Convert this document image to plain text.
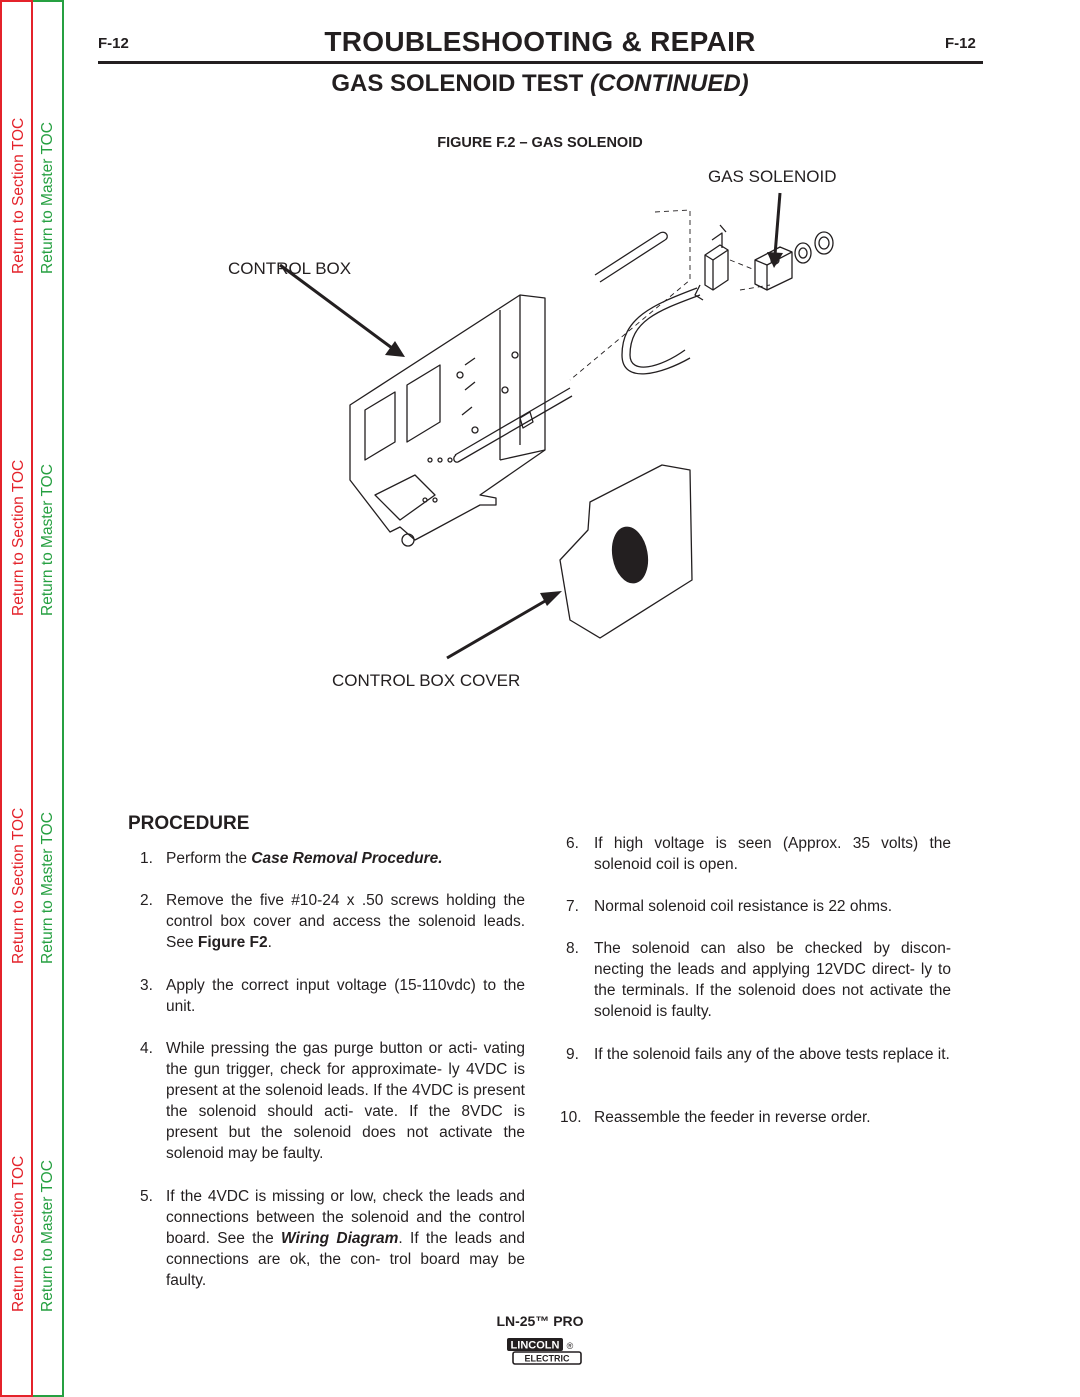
Return to Section TOC
Return to Section TOC
Return to Section TOC
Return to Section TOC
Return to Master TOC
Return to Master TOC
Return to Master TOC
Return to Master TOC
F-12	F-12
TROUBLESHOOTING & REPAIR
GAS SOLENOID TEST (CONTINUED)
FIGURE F.2 – GAS SOLENOID
GAS SOLENOID
CONTROL BOX
CONTROL BOX COVER
PROCEDURE
1. Perform the Case Removal Procedure.
2. Remove the five #10-24 x .50 screws holding the control box cover and access the solenoid leads. See Figure F2.
3. Apply the correct input voltage (15-110vdc) to the unit.
4. While pressing the gas purge button or acti- vating the gun trigger, check for approximate- ly 4VDC is present at the solenoid leads. If the 4VDC is present the solenoid should acti- vate. If the 8VDC is present but the solenoid does not activate the solenoid may be faulty.
5. If the 4VDC is missing or low, check the leads and connections between the solenoid and the control board. See the Wiring Diagram. If the leads and connections are ok, the con- trol board may be faulty.
6. If high voltage is seen (Approx. 35 volts) the solenoid coil is open.
7. Normal solenoid coil resistance is 22 ohms.
8. The solenoid can also be checked by discon- necting the leads and applying 12VDC direct- ly to the terminals. If the solenoid does not activate the solenoid is faulty.
9. If the solenoid fails any of the above tests replace it.
10. Reassemble the feeder in reverse order.
LN-25™ PRO
LINCOLN ®
ELECTRIC
